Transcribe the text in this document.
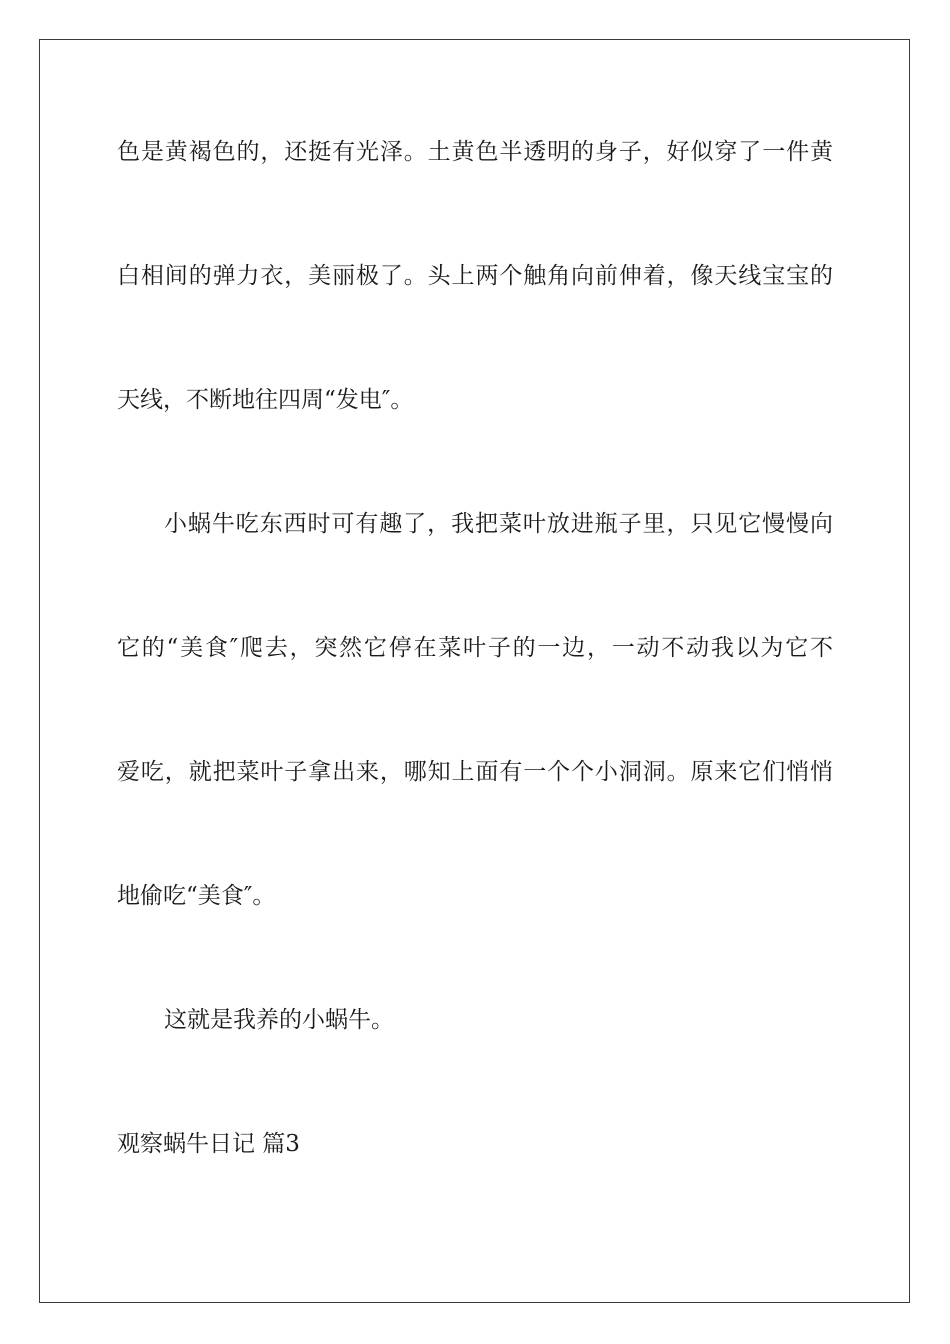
色是黄褐色的，还挺有光泽。土黄色半透明的身子，好似穿了一件黄
白相间的弹力衣，美丽极了。头上两个触角向前伸着，像天线宝宝的
天线，不断地往四周“发电″。
小蜗牛吃东西时可有趣了，我把菜叶放进瓶子里，只见它慢慢向
它的“美食″爬去，突然它停在菜叶子的一边，一动不动我以为它不
爱吃，就把菜叶子拿出来，哪知上面有一个个小洞洞。原来它们悄悄
地偷吃“美食″。
这就是我养的小蜗牛。
观察蜗牛日记 篇3
